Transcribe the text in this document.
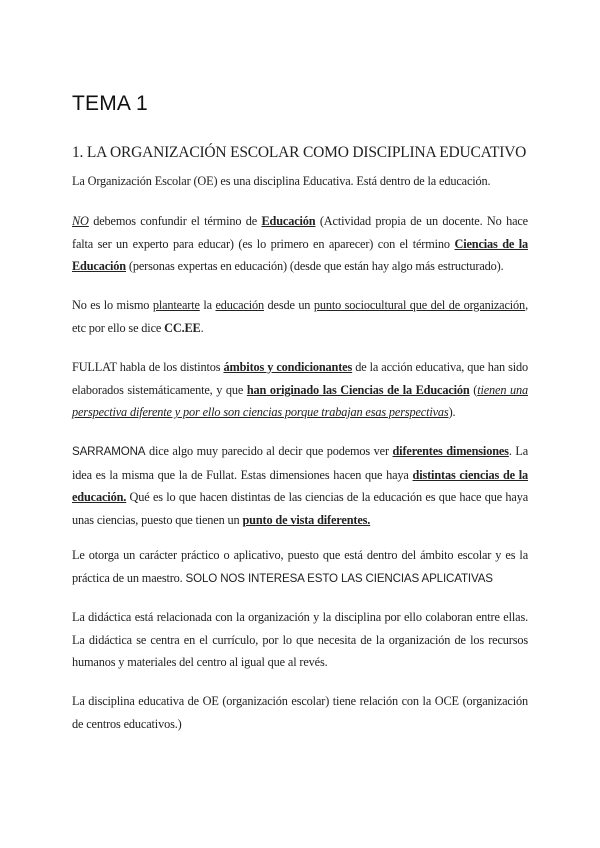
TEMA 1
1. LA ORGANIZACIÓN ESCOLAR COMO DISCIPLINA EDUCATIVO
La Organización Escolar (OE) es una disciplina Educativa. Está dentro de la educación.
NO debemos confundir el término de Educación (Actividad propia de un docente. No hace falta ser un experto para educar) (es lo primero en aparecer) con el término Ciencias de la Educación (personas expertas en educación) (desde que están hay algo más estructurado).
No es lo mismo plantearte la educación desde un punto sociocultural que del de organización, etc por ello se dice CC.EE.
FULLAT habla de los distintos ámbitos y condicionantes de la acción educativa, que han sido elaborados sistemáticamente, y que han originado las Ciencias de la Educación (tienen una perspectiva diferente y por ello son ciencias porque trabajan esas perspectivas).
SARRAMONA dice algo muy parecido al decir que podemos ver diferentes dimensiones. La idea es la misma que la de Fullat. Estas dimensiones hacen que haya distintas ciencias de la educación. Qué es lo que hacen distintas de las ciencias de la educación es que hace que haya unas ciencias, puesto que tienen un punto de vista diferentes.
Le otorga un carácter práctico o aplicativo, puesto que está dentro del ámbito escolar y es la práctica de un maestro. SOLO NOS INTERESA ESTO LAS CIENCIAS APLICATIVAS
La didáctica está relacionada con la organización y la disciplina por ello colaboran entre ellas. La didáctica se centra en el currículo, por lo que necesita de la organización de los recursos humanos y materiales del centro al igual que al revés.
La disciplina educativa de OE (organización escolar) tiene relación con la OCE (organización de centros educativos.)
